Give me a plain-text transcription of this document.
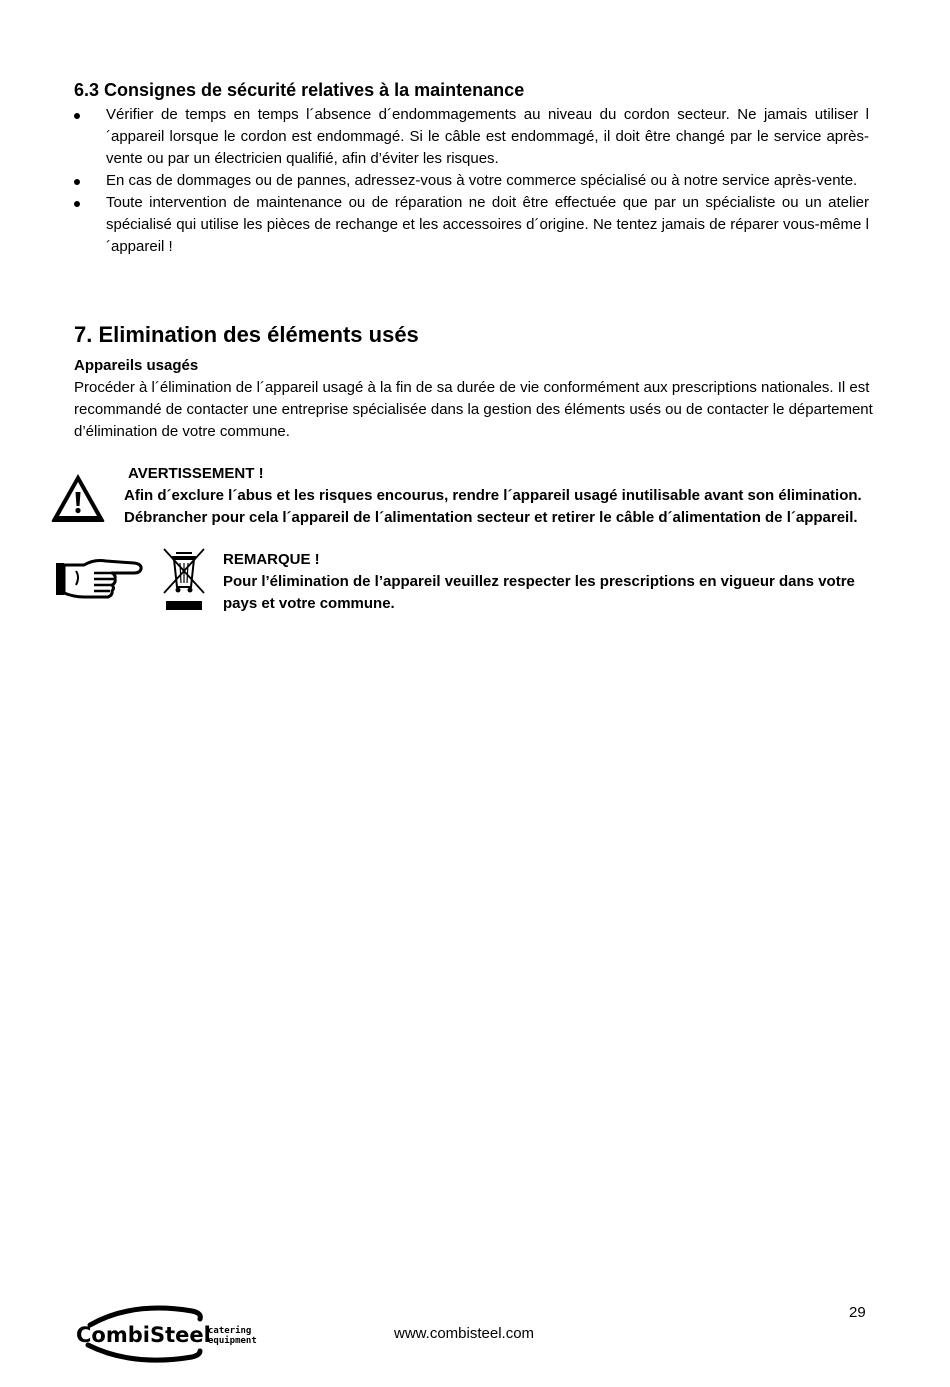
6.3 Consignes de sécurité relatives à la maintenance
Vérifier de temps en temps l´absence d´endommagements au niveau du cordon secteur. Ne jamais utiliser l´appareil lorsque le cordon est endommagé. Si le câble est endommagé, il doit être changé par le service après-vente ou par un électricien qualifié, afin d’éviter les risques.
En cas de dommages ou de pannes, adressez-vous à votre commerce spécialisé ou à notre service après-vente.
Toute intervention de maintenance ou de réparation ne doit être effectuée que par un spécialiste ou un atelier spécialisé qui utilise les pièces de rechange et les accessoires d´origine. Ne tentez jamais de réparer vous-même l´appareil !
7. Elimination des éléments usés
Appareils usagés

Procéder à l´élimination de l´appareil usagé à la fin de sa durée de vie conformément aux prescriptions nationales. Il est recommandé de contacter une entreprise spécialisée dans la gestion des éléments usés ou de contacter le département d’élimination de votre commune.

AVERTISSEMENT !
Afin d´exclure l´abus et les risques encourus, rendre l´appareil usagé inutilisable avant son élimination.
Débrancher pour cela l´appareil de l´alimentation secteur et retirer le câble d´alimentation de l´appareil.
REMARQUE !
Pour l’élimination de l’appareil veuillez respecter les prescriptions en vigueur dans votre pays et votre commune.
29
CombiSteel
catering
equipment	www.combisteel.com
